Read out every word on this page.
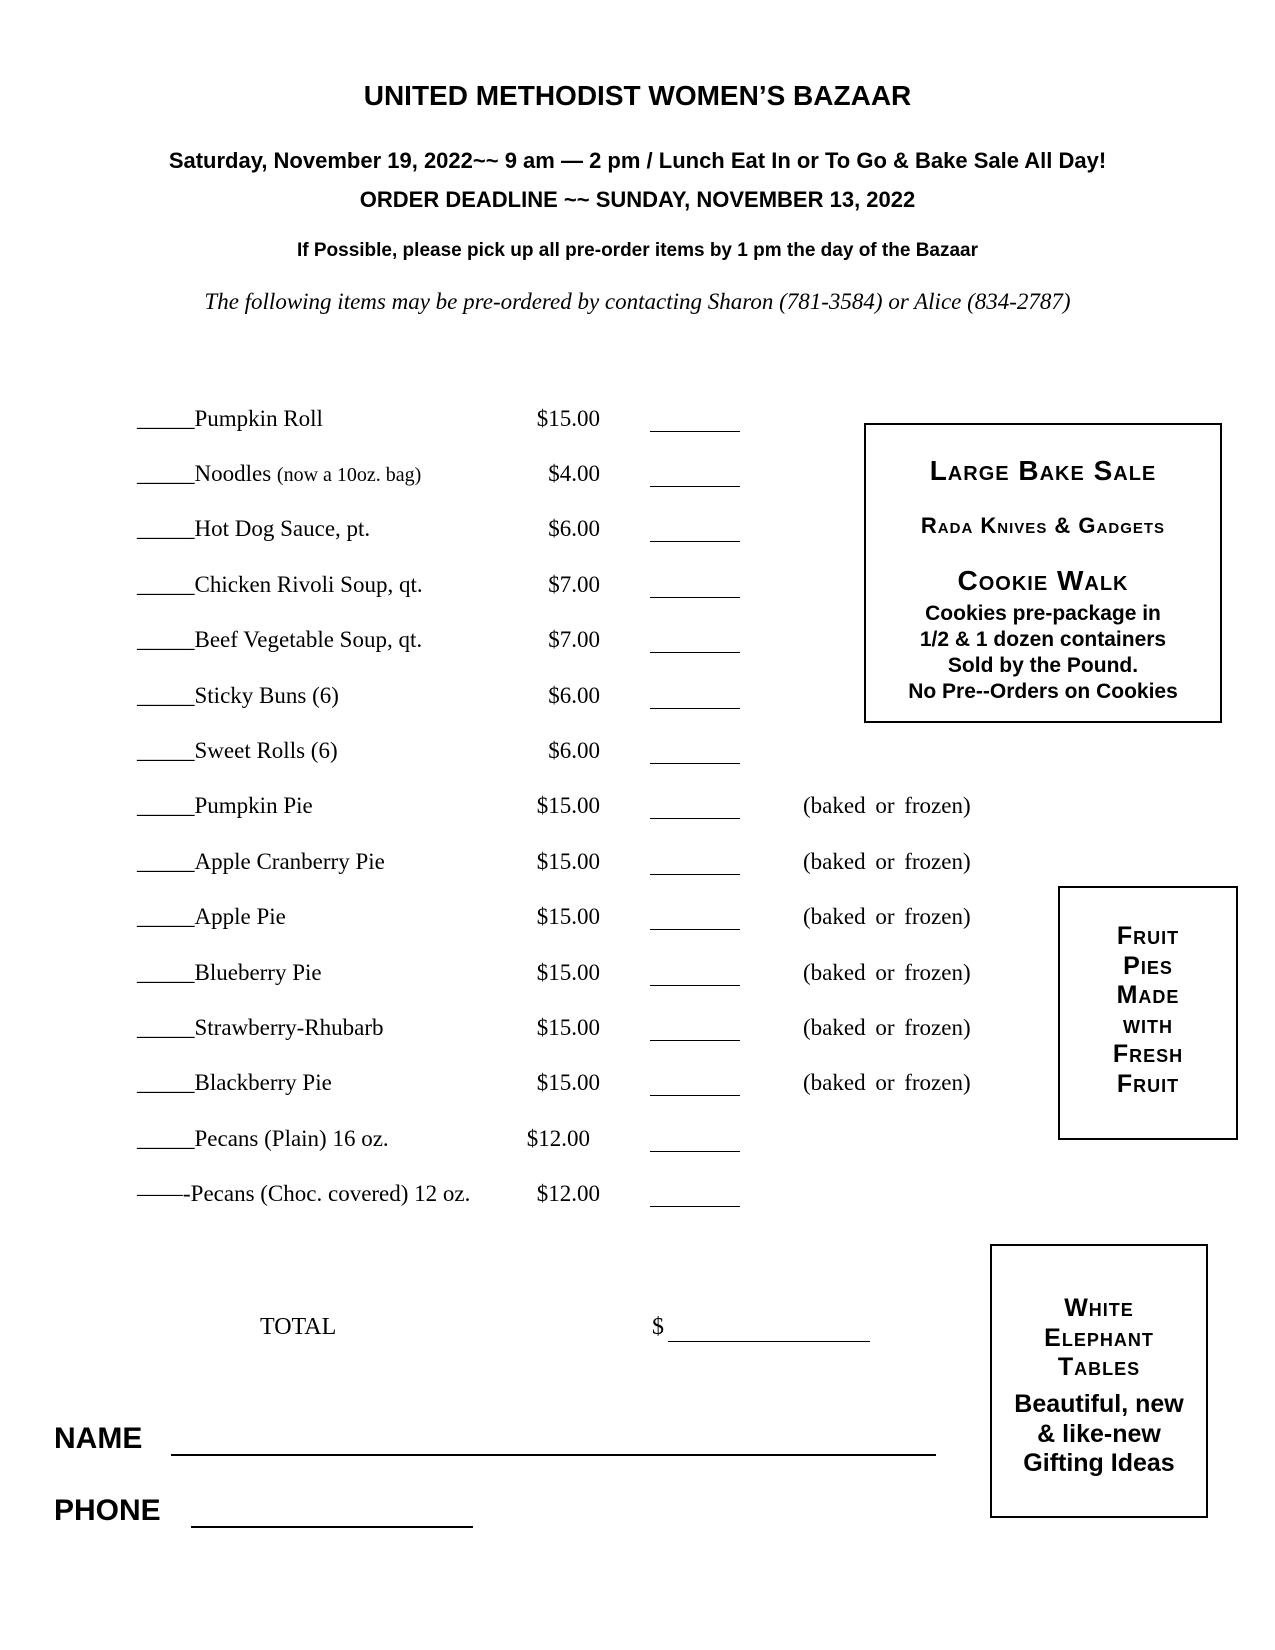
UNITED METHODIST WOMEN’S BAZAAR
Saturday, November 19, 2022~~ 9 am — 2 pm / Lunch Eat In or To Go & Bake Sale All Day!
ORDER DEADLINE ~~ SUNDAY, NOVEMBER 13, 2022
If Possible, please pick up all pre-order items by 1 pm the day of the Bazaar
The following items may be pre-ordered by contacting Sharon (781-3584) or Alice (834-2787)
_____Pumpkin Roll	$15.00
_____Noodles (now a 10oz. bag)	$4.00
_____Hot Dog Sauce, pt.	$6.00
_____Chicken Rivoli Soup, qt.	$7.00
_____Beef Vegetable Soup, qt.	$7.00
_____Sticky Buns (6)	$6.00
_____Sweet Rolls (6)	$6.00
_____Pumpkin Pie	$15.00	(baked or frozen)
_____Apple Cranberry Pie	$15.00	(baked or frozen)
_____Apple Pie	$15.00	(baked or frozen)
_____Blueberry Pie	$15.00	(baked or frozen)
_____Strawberry-Rhubarb	$15.00	(baked or frozen)
_____Blackberry Pie	$15.00	(baked or frozen)
_____Pecans (Plain) 16 oz.	$12.00
——-Pecans (Choc. covered) 12 oz.	$12.00
Large Bake Sale
Rada Knives & Gadgets
Cookie Walk
Cookies pre-package in
1/2 & 1 dozen containers
Sold by the Pound.
No Pre--Orders on Cookies
Fruit
Pies
Made
with
Fresh
Fruit
White
Elephant
Tables
Beautiful, new
& like-new
Gifting Ideas
TOTAL	$
NAME
PHONE
